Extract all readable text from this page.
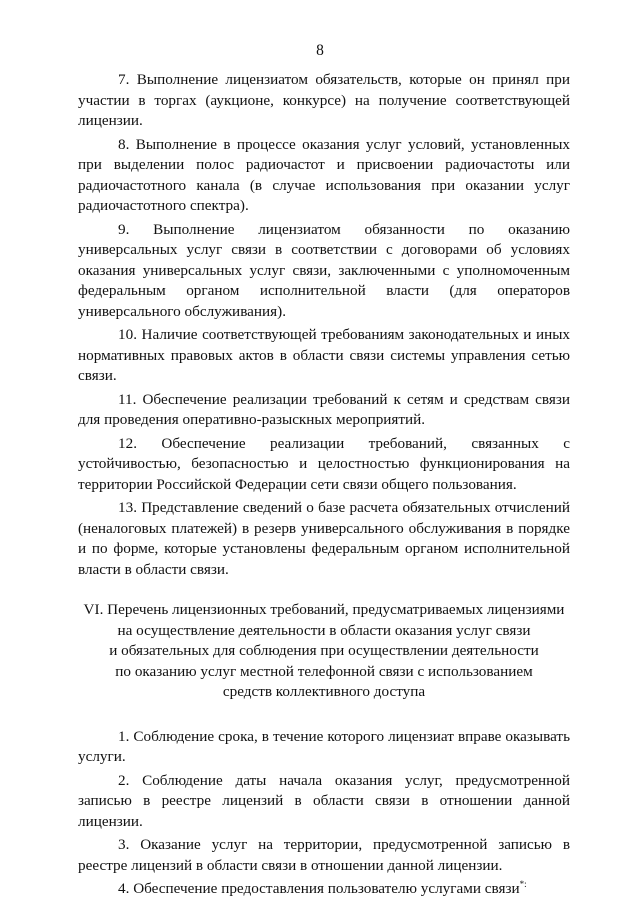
8

7. Выполнение лицензиатом обязательств, которые он принял при участии в торгах (аукционе, конкурсе) на получение соответствующей лицензии.

8. Выполнение в процессе оказания услуг условий, установленных при выделении полос радиочастот и присвоении радиочастоты или радиочастотного канала (в случае использования при оказании услуг радиочастотного спектра).

9. Выполнение лицензиатом обязанности по оказанию универсальных услуг связи в соответствии с договорами об условиях оказания универсальных услуг связи, заключенными с уполномоченным федеральным органом исполнительной власти (для операторов универсального обслуживания).

10. Наличие соответствующей требованиям законодательных и иных нормативных правовых актов в области связи системы управления сетью связи.

11. Обеспечение реализации требований к сетям и средствам связи для проведения оперативно-разыскных мероприятий.

12. Обеспечение реализации требований, связанных с устойчивостью, безопасностью и целостностью функционирования на территории Российской Федерации сети связи общего пользования.

13. Представление сведений о базе расчета обязательных отчислений (неналоговых платежей) в резерв универсального обслуживания в порядке и по форме, которые установлены федеральным органом исполнительной власти в области связи.

VI. Перечень лицензионных требований, предусматриваемых лицензиями
на осуществление деятельности в области оказания услуг связи
и обязательных для соблюдения при осуществлении деятельности
по оказанию услуг местной телефонной связи с использованием
средств коллективного доступа

1. Соблюдение срока, в течение которого лицензиат вправе оказывать услуги.

2. Соблюдение даты начала оказания услуг, предусмотренной записью в реестре лицензий в области связи в отношении данной лицензии.

3. Оказание услуг на территории, предусмотренной записью в реестре лицензий в области связи в отношении данной лицензии.

4. Обеспечение предоставления пользователю услугами связи*:
